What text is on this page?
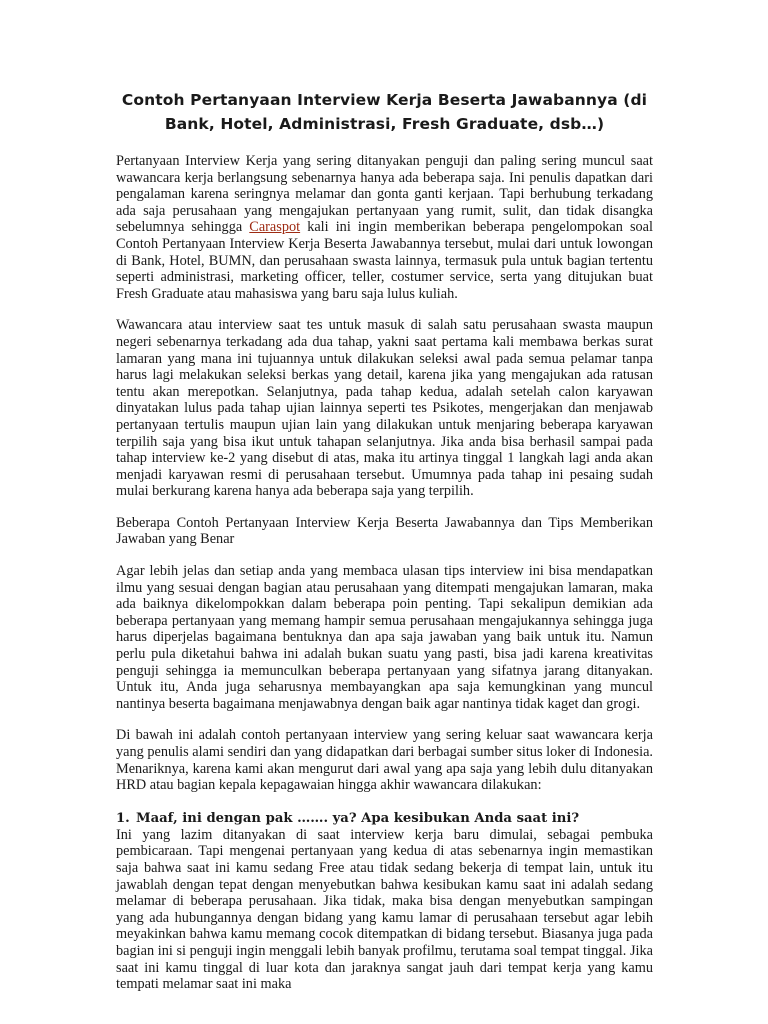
Contoh Pertanyaan Interview Kerja Beserta Jawabannya (di Bank, Hotel, Administrasi, Fresh Graduate, dsb…)

Pertanyaan Interview Kerja yang sering ditanyakan penguji dan paling sering muncul saat wawancara kerja berlangsung sebenarnya hanya ada beberapa saja. Ini penulis dapatkan dari pengalaman karena seringnya melamar dan gonta ganti kerjaan. Tapi berhubung terkadang ada saja perusahaan yang mengajukan pertanyaan yang rumit, sulit, dan tidak disangka sebelumnya sehingga Caraspot kali ini ingin memberikan beberapa pengelompokan soal Contoh Pertanyaan Interview Kerja Beserta Jawabannya tersebut, mulai dari untuk lowongan di Bank, Hotel, BUMN, dan perusahaan swasta lainnya, termasuk pula untuk bagian tertentu seperti administrasi, marketing officer, teller, costumer service, serta yang ditujukan buat Fresh Graduate atau mahasiswa yang baru saja lulus kuliah.

Wawancara atau interview saat tes untuk masuk di salah satu perusahaan swasta maupun negeri sebenarnya terkadang ada dua tahap, yakni saat pertama kali membawa berkas surat lamaran yang mana ini tujuannya untuk dilakukan seleksi awal pada semua pelamar tanpa harus lagi melakukan seleksi berkas yang detail, karena jika yang mengajukan ada ratusan tentu akan merepotkan. Selanjutnya, pada tahap kedua, adalah setelah calon karyawan dinyatakan lulus pada tahap ujian lainnya seperti tes Psikotes, mengerjakan dan menjawab pertanyaan tertulis maupun ujian lain yang dilakukan untuk menjaring beberapa karyawan terpilih saja yang bisa ikut untuk tahapan selanjutnya. Jika anda bisa berhasil sampai pada tahap interview ke-2 yang disebut di atas, maka itu artinya tinggal 1 langkah lagi anda akan menjadi karyawan resmi di perusahaan tersebut. Umumnya pada tahap ini pesaing sudah mulai berkurang karena hanya ada beberapa saja yang terpilih.

Beberapa Contoh Pertanyaan Interview Kerja Beserta Jawabannya dan Tips Memberikan Jawaban yang Benar

Agar lebih jelas dan setiap anda yang membaca ulasan tips interview ini bisa mendapatkan ilmu yang sesuai dengan bagian atau perusahaan yang ditempati mengajukan lamaran, maka ada baiknya dikelompokkan dalam beberapa poin penting. Tapi sekalipun demikian ada beberapa pertanyaan yang memang hampir semua perusahaan mengajukannya sehingga juga harus diperjelas bagaimana bentuknya dan apa saja jawaban yang baik untuk itu. Namun perlu pula diketahui bahwa ini adalah bukan suatu yang pasti, bisa jadi karena kreativitas penguji sehingga ia memunculkan beberapa pertanyaan yang sifatnya jarang ditanyakan. Untuk itu, Anda juga seharusnya membayangkan apa saja kemungkinan yang muncul nantinya beserta bagaimana menjawabnya dengan baik agar nantinya tidak kaget dan grogi.

Di bawah ini adalah contoh pertanyaan interview yang sering keluar saat wawancara kerja yang penulis alami sendiri dan yang didapatkan dari berbagai sumber situs loker di Indonesia. Menariknya, karena kami akan mengurut dari awal yang apa saja yang lebih dulu ditanyakan HRD atau bagian kepala kepagawaian hingga akhir wawancara dilakukan:

1. Maaf, ini dengan pak ……. ya? Apa kesibukan Anda saat ini?

Ini yang lazim ditanyakan di saat interview kerja baru dimulai, sebagai pembuka pembicaraan. Tapi mengenai pertanyaan yang kedua di atas sebenarnya ingin memastikan saja bahwa saat ini kamu sedang Free atau tidak sedang bekerja di tempat lain, untuk itu jawablah dengan tepat dengan menyebutkan bahwa kesibukan kamu saat ini adalah sedang melamar di beberapa perusahaan. Jika tidak, maka bisa dengan menyebutkan sampingan yang ada hubungannya dengan bidang yang kamu lamar di perusahaan tersebut agar lebih meyakinkan bahwa kamu memang cocok ditempatkan di bidang tersebut. Biasanya juga pada bagian ini si penguji ingin menggali lebih banyak profilmu, terutama soal tempat tinggal. Jika saat ini kamu tinggal di luar kota dan jaraknya sangat jauh dari tempat kerja yang kamu tempati melamar saat ini maka
